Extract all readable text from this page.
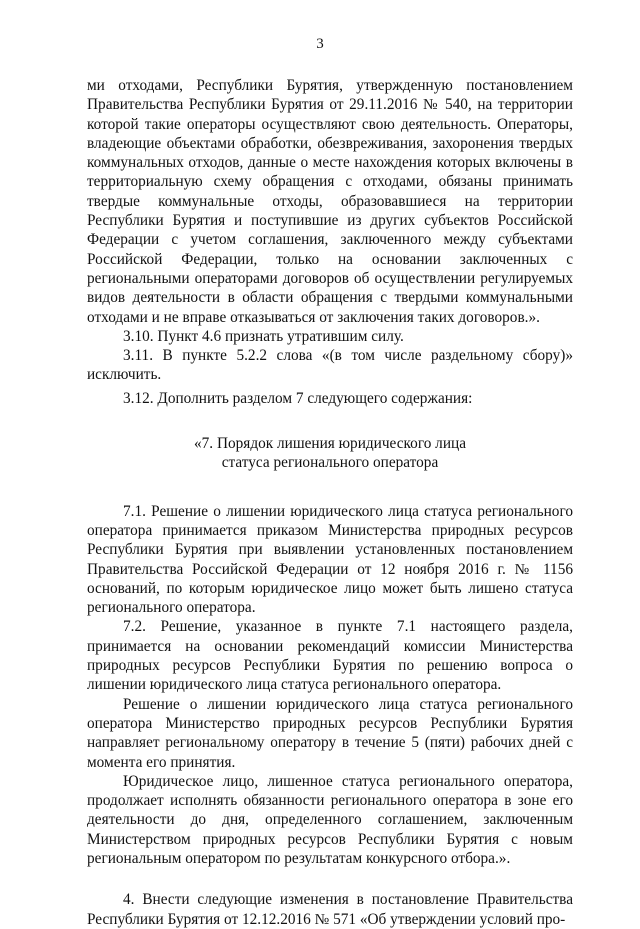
3

ми отходами, Республики Бурятия, утвержденную постановлением Правительства Республики Бурятия от 29.11.2016 № 540, на территории которой такие операторы осуществляют свою деятельность. Операторы, владеющие объектами обработки, обезвреживания, захоронения твердых коммунальных отходов, данные о месте нахождения которых включены в территориальную схему обращения с отходами, обязаны принимать твердые коммунальные отходы, образовавшиеся на территории Республики Бурятия и поступившие из других субъектов Российской Федерации с учетом соглашения, заключенного между субъектами Российской Федерации, только на основании заключенных с региональными операторами договоров об осуществлении регулируемых видов деятельности в области обращения с твердыми коммунальными отходами и не вправе отказываться от заключения таких договоров.».

3.10. Пункт 4.6 признать утратившим силу.

3.11. В пункте 5.2.2 слова «(в том числе раздельному сбору)» исключить.

3.12. Дополнить разделом 7 следующего содержания:

«7. Порядок лишения юридического лица
статуса регионального оператора

7.1. Решение о лишении юридического лица статуса регионального оператора принимается приказом Министерства природных ресурсов Республики Бурятия при выявлении установленных постановлением Правительства Российской Федерации от 12 ноября 2016 г. № 1156 оснований, по которым юридическое лицо может быть лишено статуса регионального оператора.

7.2. Решение, указанное в пункте 7.1 настоящего раздела, принимается на основании рекомендаций комиссии Министерства природных ресурсов Республики Бурятия по решению вопроса о лишении юридического лица статуса регионального оператора.

Решение о лишении юридического лица статуса регионального оператора Министерство природных ресурсов Республики Бурятия направляет региональному оператору в течение 5 (пяти) рабочих дней с момента его принятия.

Юридическое лицо, лишенное статуса регионального оператора, продолжает исполнять обязанности регионального оператора в зоне его деятельности до дня, определенного соглашением, заключенным Министерством природных ресурсов Республики Бурятия с новым региональным оператором по результатам конкурсного отбора.».

4. Внести следующие изменения в постановление Правительства Республики Бурятия от 12.12.2016 № 571 «Об утверждении условий про-
